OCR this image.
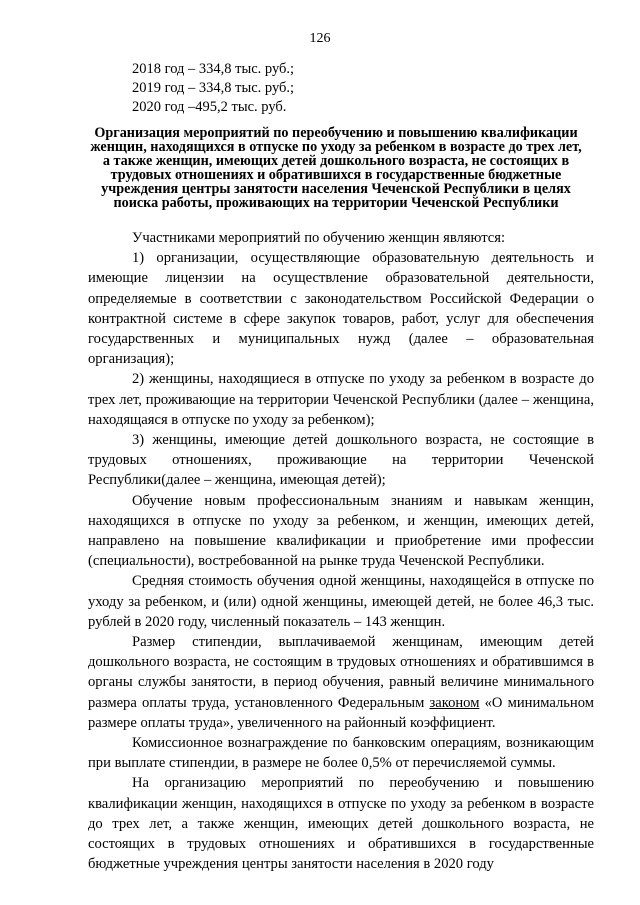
126
2018 год – 334,8 тыс. руб.;
2019 год – 334,8 тыс. руб.;
2020 год –495,2 тыс. руб.
Организация мероприятий по переобучению и повышению квалификации женщин, находящихся в отпуске по уходу за ребенком в возрасте до трех лет, а также женщин, имеющих детей дошкольного возраста, не состоящих в трудовых отношениях и обратившихся в государственные бюджетные учреждения центры занятости населения Чеченской Республики в целях поиска работы, проживающих на территории Чеченской Республики

Участниками мероприятий по обучению женщин являются:

1) организации, осуществляющие образовательную деятельность и имеющие лицензии на осуществление образовательной деятельности, определяемые в соответствии с законодательством Российской Федерации о контрактной системе в сфере закупок товаров, работ, услуг для обеспечения государственных и муниципальных нужд (далее – образовательная организация);

2) женщины, находящиеся в отпуске по уходу за ребенком в возрасте до трех лет, проживающие на территории Чеченской Республики (далее – женщина, находящаяся в отпуске по уходу за ребенком);

3) женщины, имеющие детей дошкольного возраста, не состоящие в трудовых отношениях, проживающие на территории Чеченской Республики(далее – женщина, имеющая детей);

Обучение новым профессиональным знаниям и навыкам женщин, находящихся в отпуске по уходу за ребенком, и женщин, имеющих детей, направлено на повышение квалификации и приобретение ими профессии (специальности), востребованной на рынке труда Чеченской Республики.

Средняя стоимость обучения одной женщины, находящейся в отпуске по уходу за ребенком, и (или) одной женщины, имеющей детей, не более 46,3 тыс. рублей в 2020 году, численный показатель – 143 женщин.

Размер стипендии, выплачиваемой женщинам, имеющим детей дошкольного возраста, не состоящим в трудовых отношениях и обратившимся в органы службы занятости, в период обучения, равный величине минимального размера оплаты труда, установленного Федеральным законом «О минимальном размере оплаты труда», увеличенного на районный коэффициент.

Комиссионное вознаграждение по банковским операциям, возникающим при выплате стипендии, в размере не более 0,5% от перечисляемой суммы.

На организацию мероприятий по переобучению и повышению квалификации женщин, находящихся в отпуске по уходу за ребенком в возрасте до трех лет, а также женщин, имеющих детей дошкольного возраста, не состоящих в трудовых отношениях и обратившихся в государственные бюджетные учреждения центры занятости населения в 2020 году
